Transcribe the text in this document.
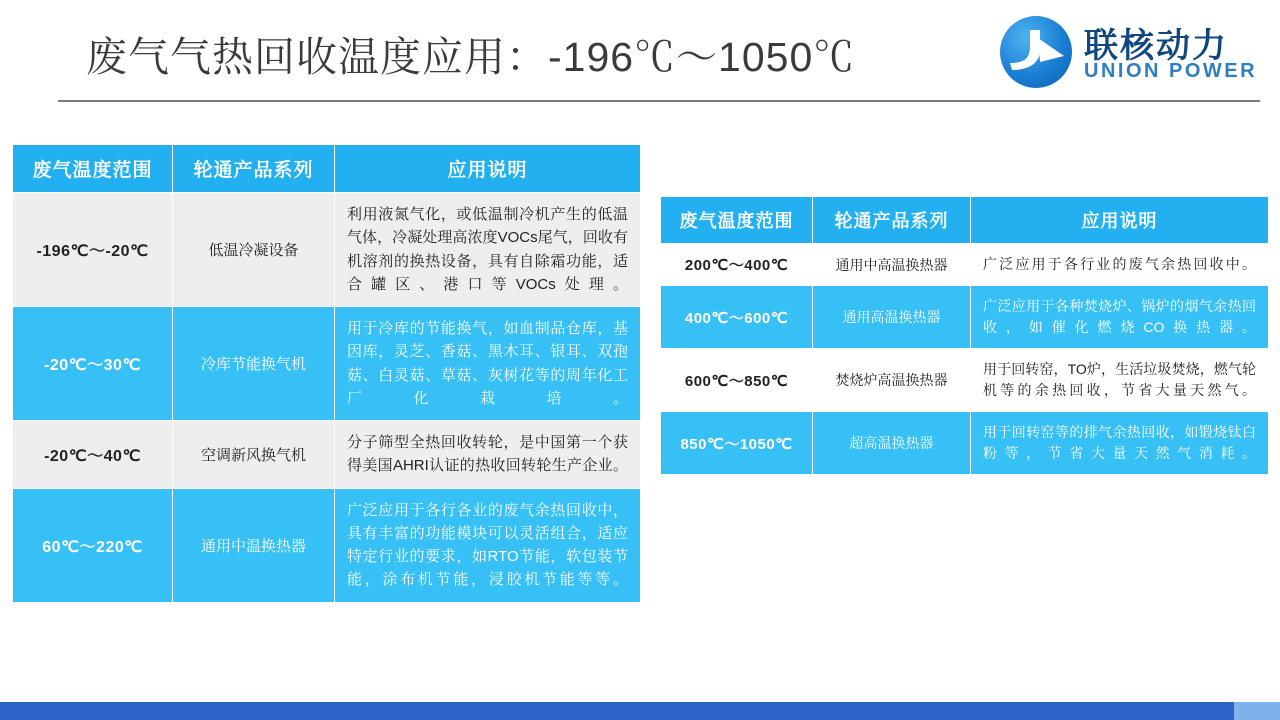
废气气热回收温度应用：-196℃～1050℃	联核动力
UNION POWER
废气温度范围	轮通产品系列	应用说明
-196℃～-20℃	低温冷凝设备	利用液氮气化，或低温制冷机产生的低温气体，冷凝处理高浓度VOCs尾气，回收有机溶剂的换热设备，具有自除霜功能，适合罐区、港口等VOCs处理。
-20℃～30℃	冷库节能换气机	用于冷库的节能换气，如血制品仓库，基因库，灵芝、香菇、黑木耳、银耳、双孢菇、白灵菇、草菇、灰树花等的周年化工厂化栽培。
-20℃～40℃	空调新风换气机	分子筛型全热回收转轮，是中国第一个获得美国AHRI认证的热收回转轮生产企业。
60℃～220℃	通用中温换热器	广泛应用于各行各业的废气余热回收中，具有丰富的功能模块可以灵活组合，适应特定行业的要求，如RTO节能，软包装节能，涂布机节能，浸胶机节能等等。
废气温度范围	轮通产品系列	应用说明
200℃～400℃	通用中高温换热器	广泛应用于各行业的废气余热回收中。
400℃～600℃	通用高温换热器	广泛应用于各种焚烧炉、锅炉的烟气余热回收，如催化燃烧CO换热器。
600℃～850℃	焚烧炉高温换热器	用于回转窑，TO炉，生活垃圾焚烧，燃气轮机等的余热回收，节省大量天然气。
850℃～1050℃	超高温换热器	用于回转窑等的排气余热回收，如锻烧钛白粉等，节省大量天然气消耗。
